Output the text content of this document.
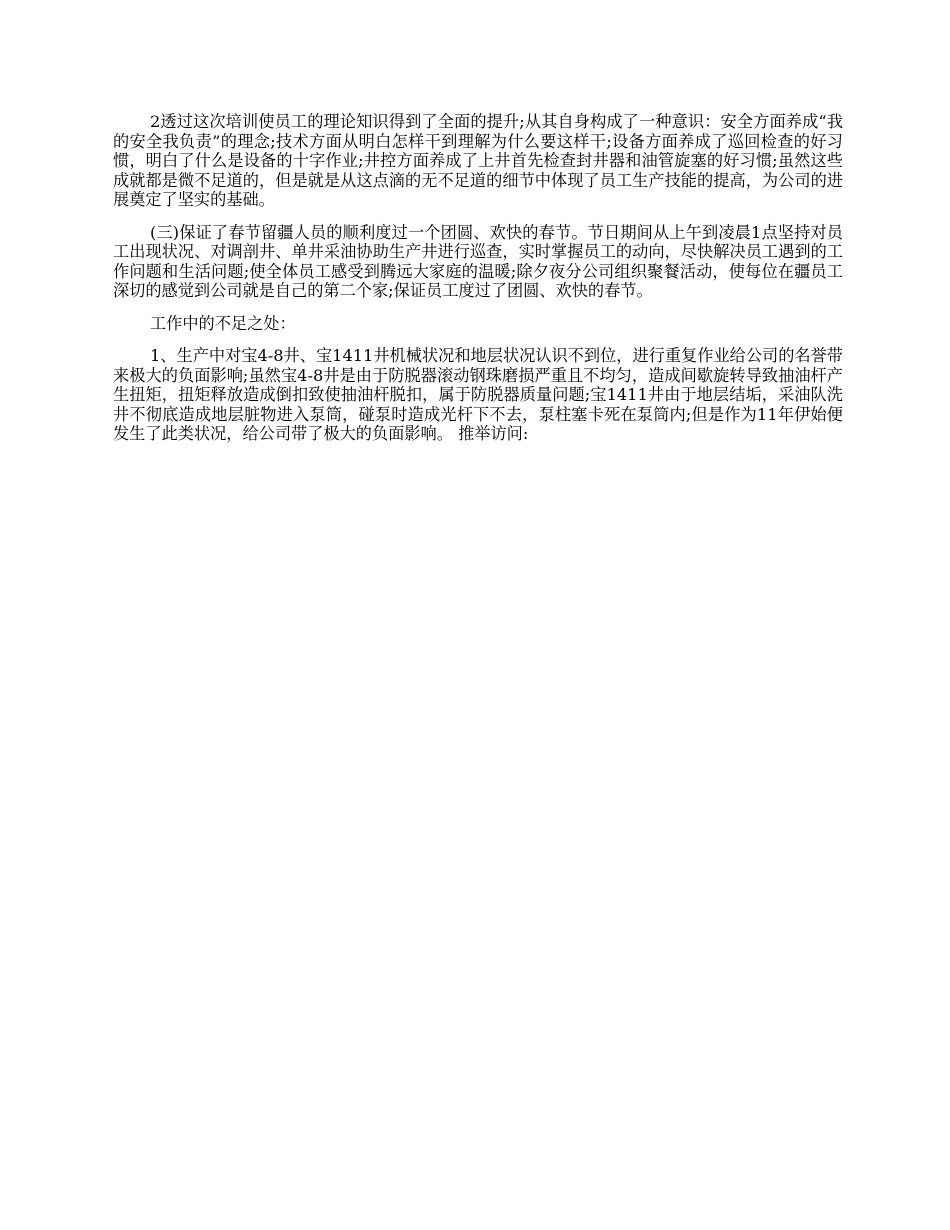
2透过这次培训使员工的理论知识得到了全面的提升;从其自身构成了一种意识：安全方面养成“我的安全我负责”的理念;技术方面从明白怎样干到理解为什么要这样干;设备方面养成了巡回检查的好习惯，明白了什么是设备的十字作业;井控方面养成了上井首先检查封井器和油管旋塞的好习惯;虽然这些成就都是微不足道的，但是就是从这点滴的无不足道的细节中体现了员工生产技能的提高，为公司的进展奠定了坚实的基础。

(三)保证了春节留疆人员的顺利度过一个团圆、欢快的春节。节日期间从上午到凌晨1点坚持对员工出现状况、对调剖井、单井采油协助生产井进行巡查，实时掌握员工的动向，尽快解决员工遇到的工作问题和生活问题;使全体员工感受到腾远大家庭的温暖;除夕夜分公司组织聚餐活动，使每位在疆员工深切的感觉到公司就是自己的第二个家;保证员工度过了团圆、欢快的春节。

工作中的不足之处：

1、生产中对宝4-8井、宝1411井机械状况和地层状况认识不到位，进行重复作业给公司的名誉带来极大的负面影响;虽然宝4-8井是由于防脱器滚动钢珠磨损严重且不均匀，造成间歇旋转导致抽油杆产生扭矩，扭矩释放造成倒扣致使抽油杆脱扣，属于防脱器质量问题;宝1411井由于地层结垢，采油队洗井不彻底造成地层脏物进入泵筒，碰泵时造成光杆下不去，泵柱塞卡死在泵筒内;但是作为11年伊始便发生了此类状况，给公司带了极大的负面影响。 推举访问:
